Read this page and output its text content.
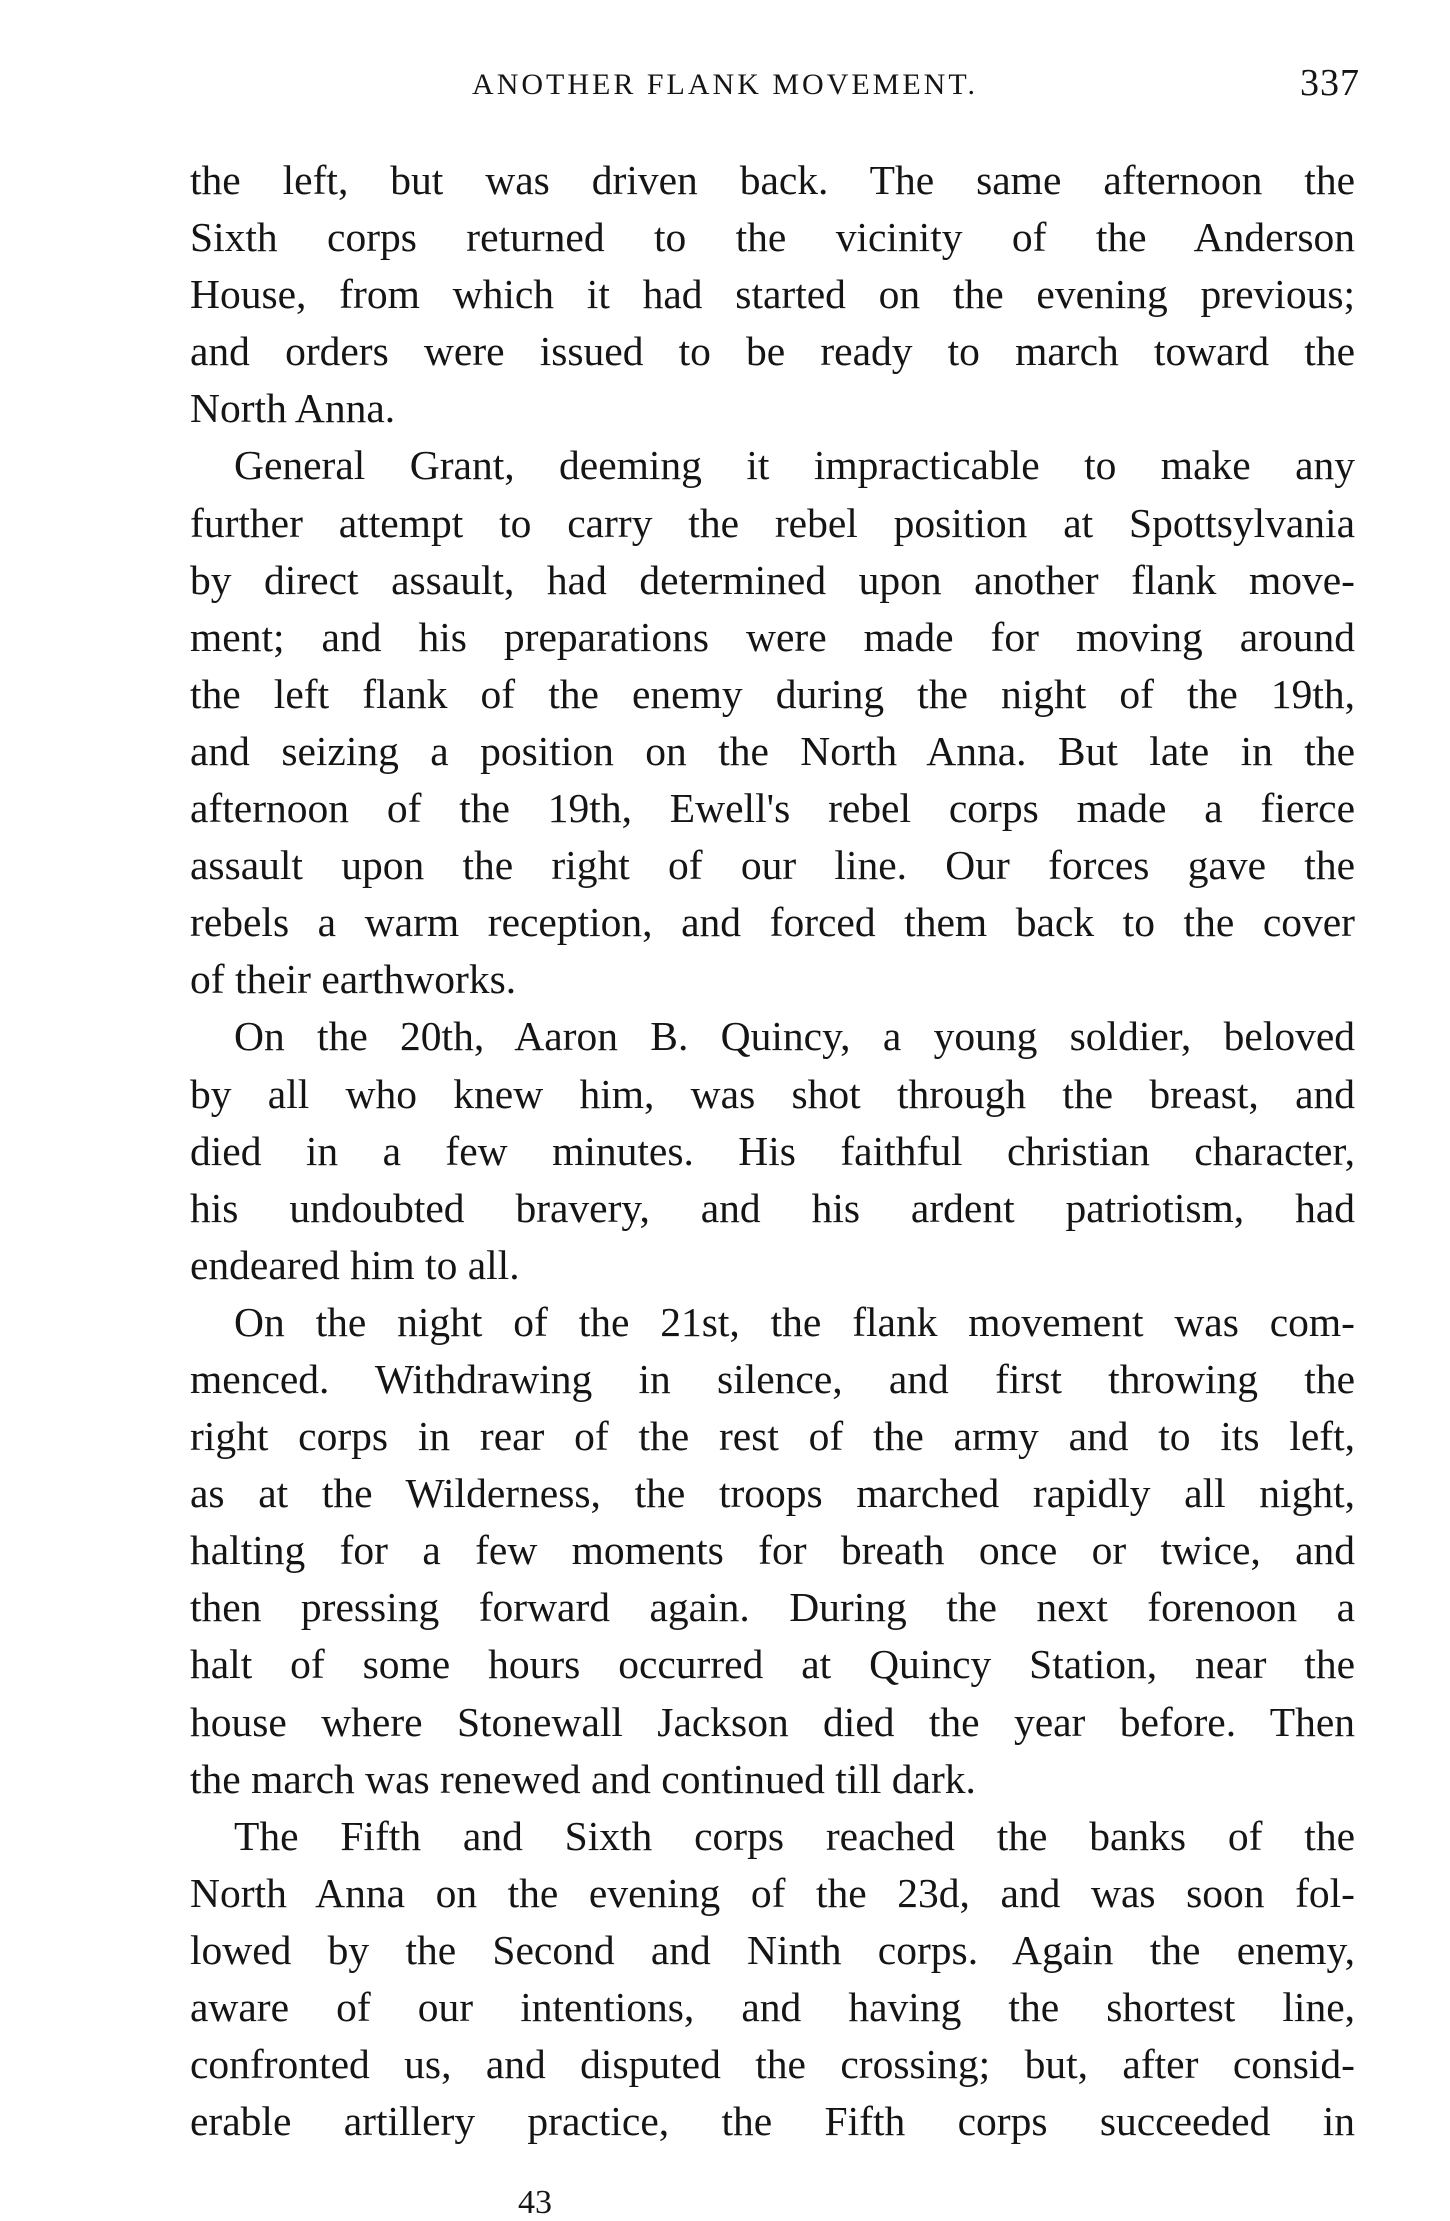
ANOTHER FLANK MOVEMENT.	337
the left, but was driven back. The same afternoon the
Sixth corps returned to the vicinity of the Anderson
House, from which it had started on the evening previous;
and orders were issued to be ready to march toward the
North Anna.
General Grant, deeming it impracticable to make any
further attempt to carry the rebel position at Spottsylvania
by direct assault, had determined upon another flank move-
ment; and his preparations were made for moving around
the left flank of the enemy during the night of the 19th,
and seizing a position on the North Anna. But late in the
afternoon of the 19th, Ewell's rebel corps made a fierce
assault upon the right of our line. Our forces gave the
rebels a warm reception, and forced them back to the cover
of their earthworks.
On the 20th, Aaron B. Quincy, a young soldier, beloved
by all who knew him, was shot through the breast, and
died in a few minutes. His faithful christian character,
his undoubted bravery, and his ardent patriotism, had
endeared him to all.
On the night of the 21st, the flank movement was com-
menced. Withdrawing in silence, and first throwing the
right corps in rear of the rest of the army and to its left,
as at the Wilderness, the troops marched rapidly all night,
halting for a few moments for breath once or twice, and
then pressing forward again. During the next forenoon a
halt of some hours occurred at Quincy Station, near the
house where Stonewall Jackson died the year before. Then
the march was renewed and continued till dark.
The Fifth and Sixth corps reached the banks of the
North Anna on the evening of the 23d, and was soon fol-
lowed by the Second and Ninth corps. Again the enemy,
aware of our intentions, and having the shortest line,
confronted us, and disputed the crossing; but, after consid-
erable artillery practice, the Fifth corps succeeded in
43
